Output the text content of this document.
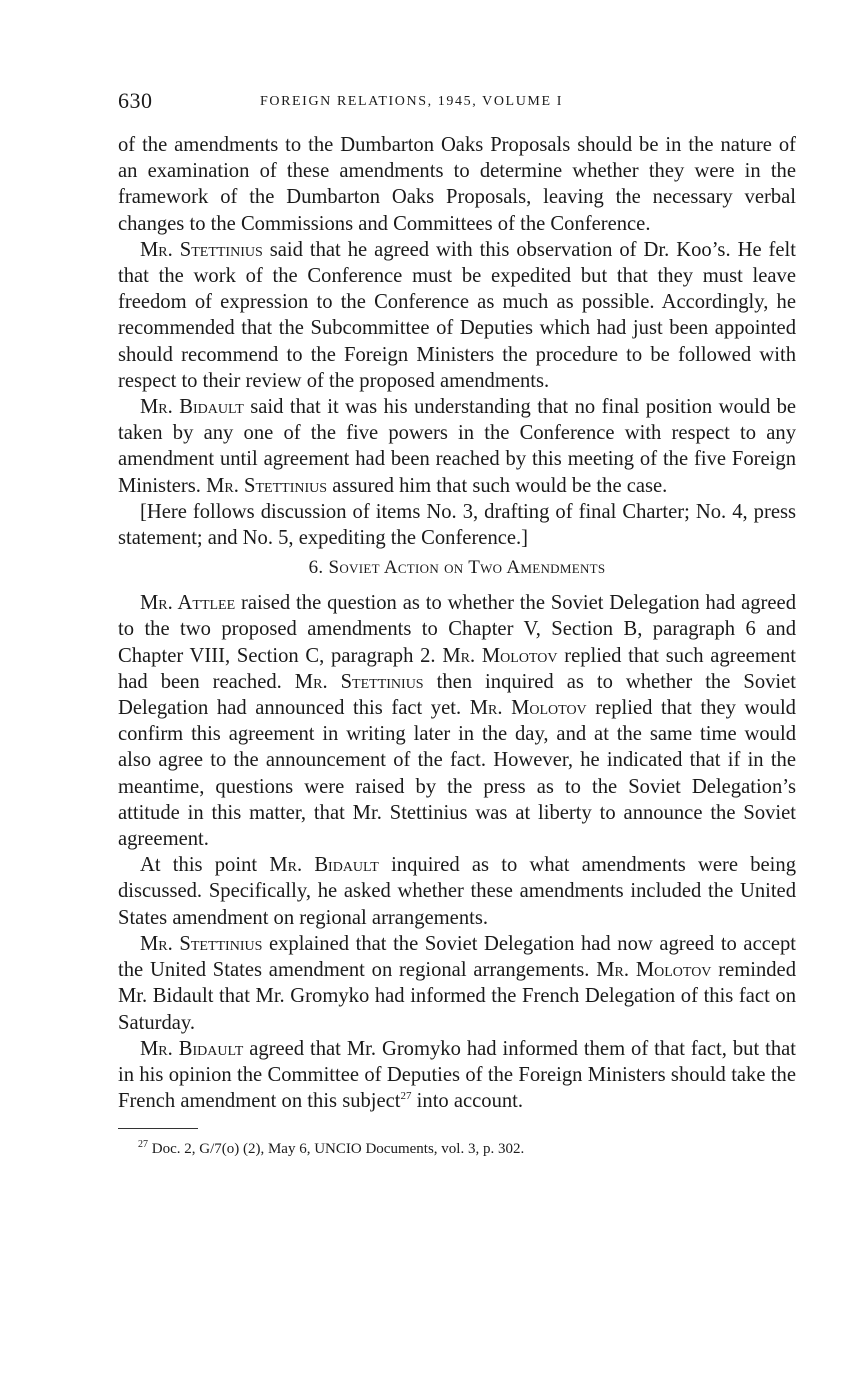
630	FOREIGN RELATIONS, 1945, VOLUME I

of the amendments to the Dumbarton Oaks Proposals should be in the nature of an examination of these amendments to determine whether they were in the framework of the Dumbarton Oaks Proposals, leaving the necessary verbal changes to the Commissions and Committees of the Conference.

Mr. Stettinius said that he agreed with this observation of Dr. Koo’s. He felt that the work of the Conference must be expedited but that they must leave freedom of expression to the Conference as much as possible. Accordingly, he recommended that the Subcommittee of Deputies which had just been appointed should recommend to the Foreign Ministers the procedure to be followed with respect to their review of the proposed amendments.

Mr. Bidault said that it was his understanding that no final position would be taken by any one of the five powers in the Conference with respect to any amendment until agreement had been reached by this meeting of the five Foreign Ministers. Mr. Stettinius assured him that such would be the case.

[Here follows discussion of items No. 3, drafting of final Charter; No. 4, press statement; and No. 5, expediting the Conference.]

6. Soviet Action on Two Amendments

Mr. Attlee raised the question as to whether the Soviet Delegation had agreed to the two proposed amendments to Chapter V, Section B, paragraph 6 and Chapter VIII, Section C, paragraph 2. Mr. Molotov replied that such agreement had been reached. Mr. Stettinius then inquired as to whether the Soviet Delegation had announced this fact yet. Mr. Molotov replied that they would confirm this agreement in writing later in the day, and at the same time would also agree to the announcement of the fact. However, he indicated that if in the meantime, questions were raised by the press as to the Soviet Delegation’s attitude in this matter, that Mr. Stettinius was at liberty to announce the Soviet agreement.

At this point Mr. Bidault inquired as to what amendments were being discussed. Specifically, he asked whether these amendments included the United States amendment on regional arrangements.

Mr. Stettinius explained that the Soviet Delegation had now agreed to accept the United States amendment on regional arrangements. Mr. Molotov reminded Mr. Bidault that Mr. Gromyko had informed the French Delegation of this fact on Saturday.

Mr. Bidault agreed that Mr. Gromyko had informed them of that fact, but that in his opinion the Committee of Deputies of the Foreign Ministers should take the French amendment on this subject$^{27}$ into account.

$^{27}$ Doc. 2, G/7(o) (2), May 6, UNCIO Documents, vol. 3, p. 302.
